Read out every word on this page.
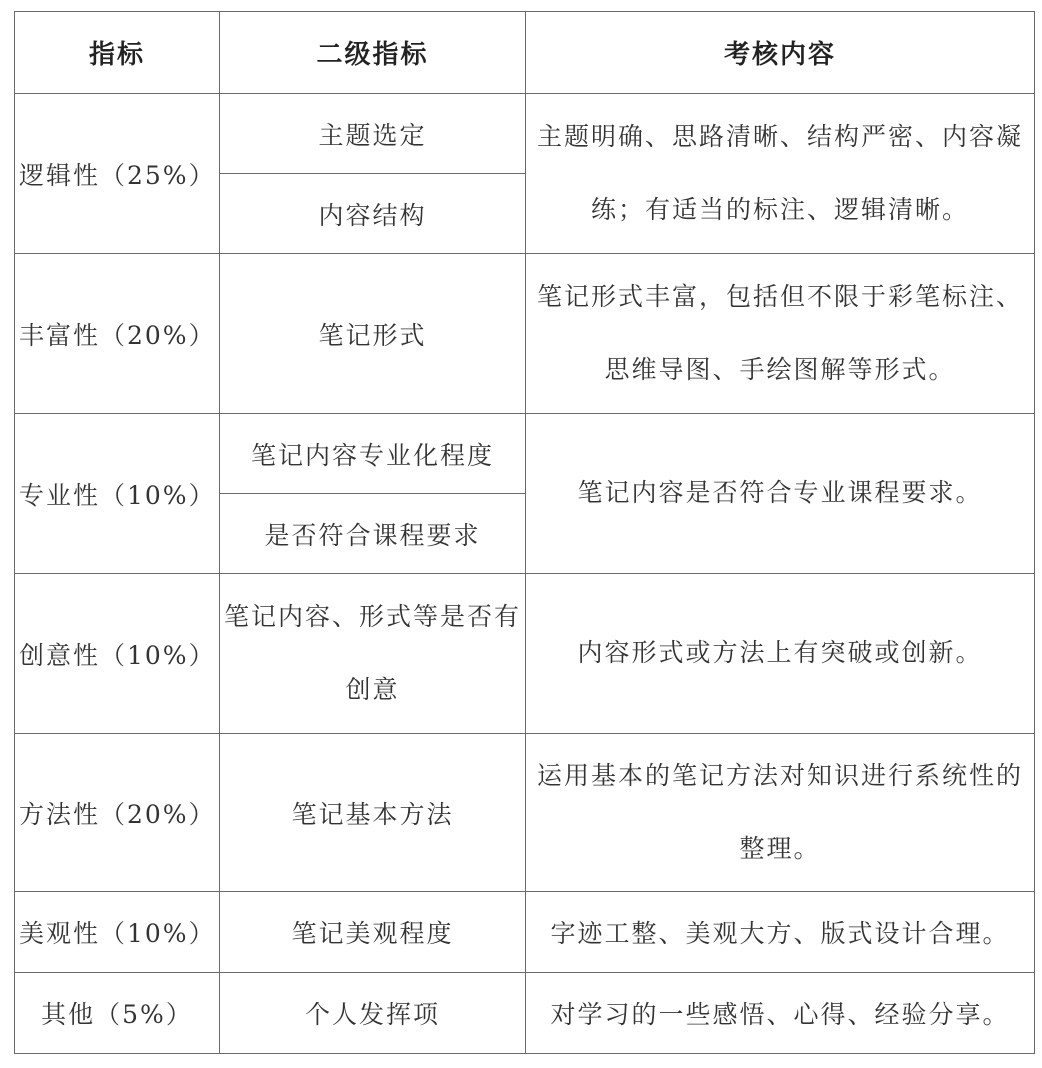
指标	二级指标	考核内容
逻辑性（25%）	主题选定	主题明确、思路清晰、结构严密、内容凝练；有适当的标注、逻辑清晰。
	内容结构	
丰富性（20%）	笔记形式	笔记形式丰富，包括但不限于彩笔标注、思维导图、手绘图解等形式。
专业性（10%）	笔记内容专业化程度	笔记内容是否符合专业课程要求。
	是否符合课程要求	
创意性（10%）	笔记内容、形式等是否有创意	内容形式或方法上有突破或创新。
方法性（20%）	笔记基本方法	运用基本的笔记方法对知识进行系统性的整理。
美观性（10%）	笔记美观程度	字迹工整、美观大方、版式设计合理。
其他（5%）	个人发挥项	对学习的一些感悟、心得、经验分享。
